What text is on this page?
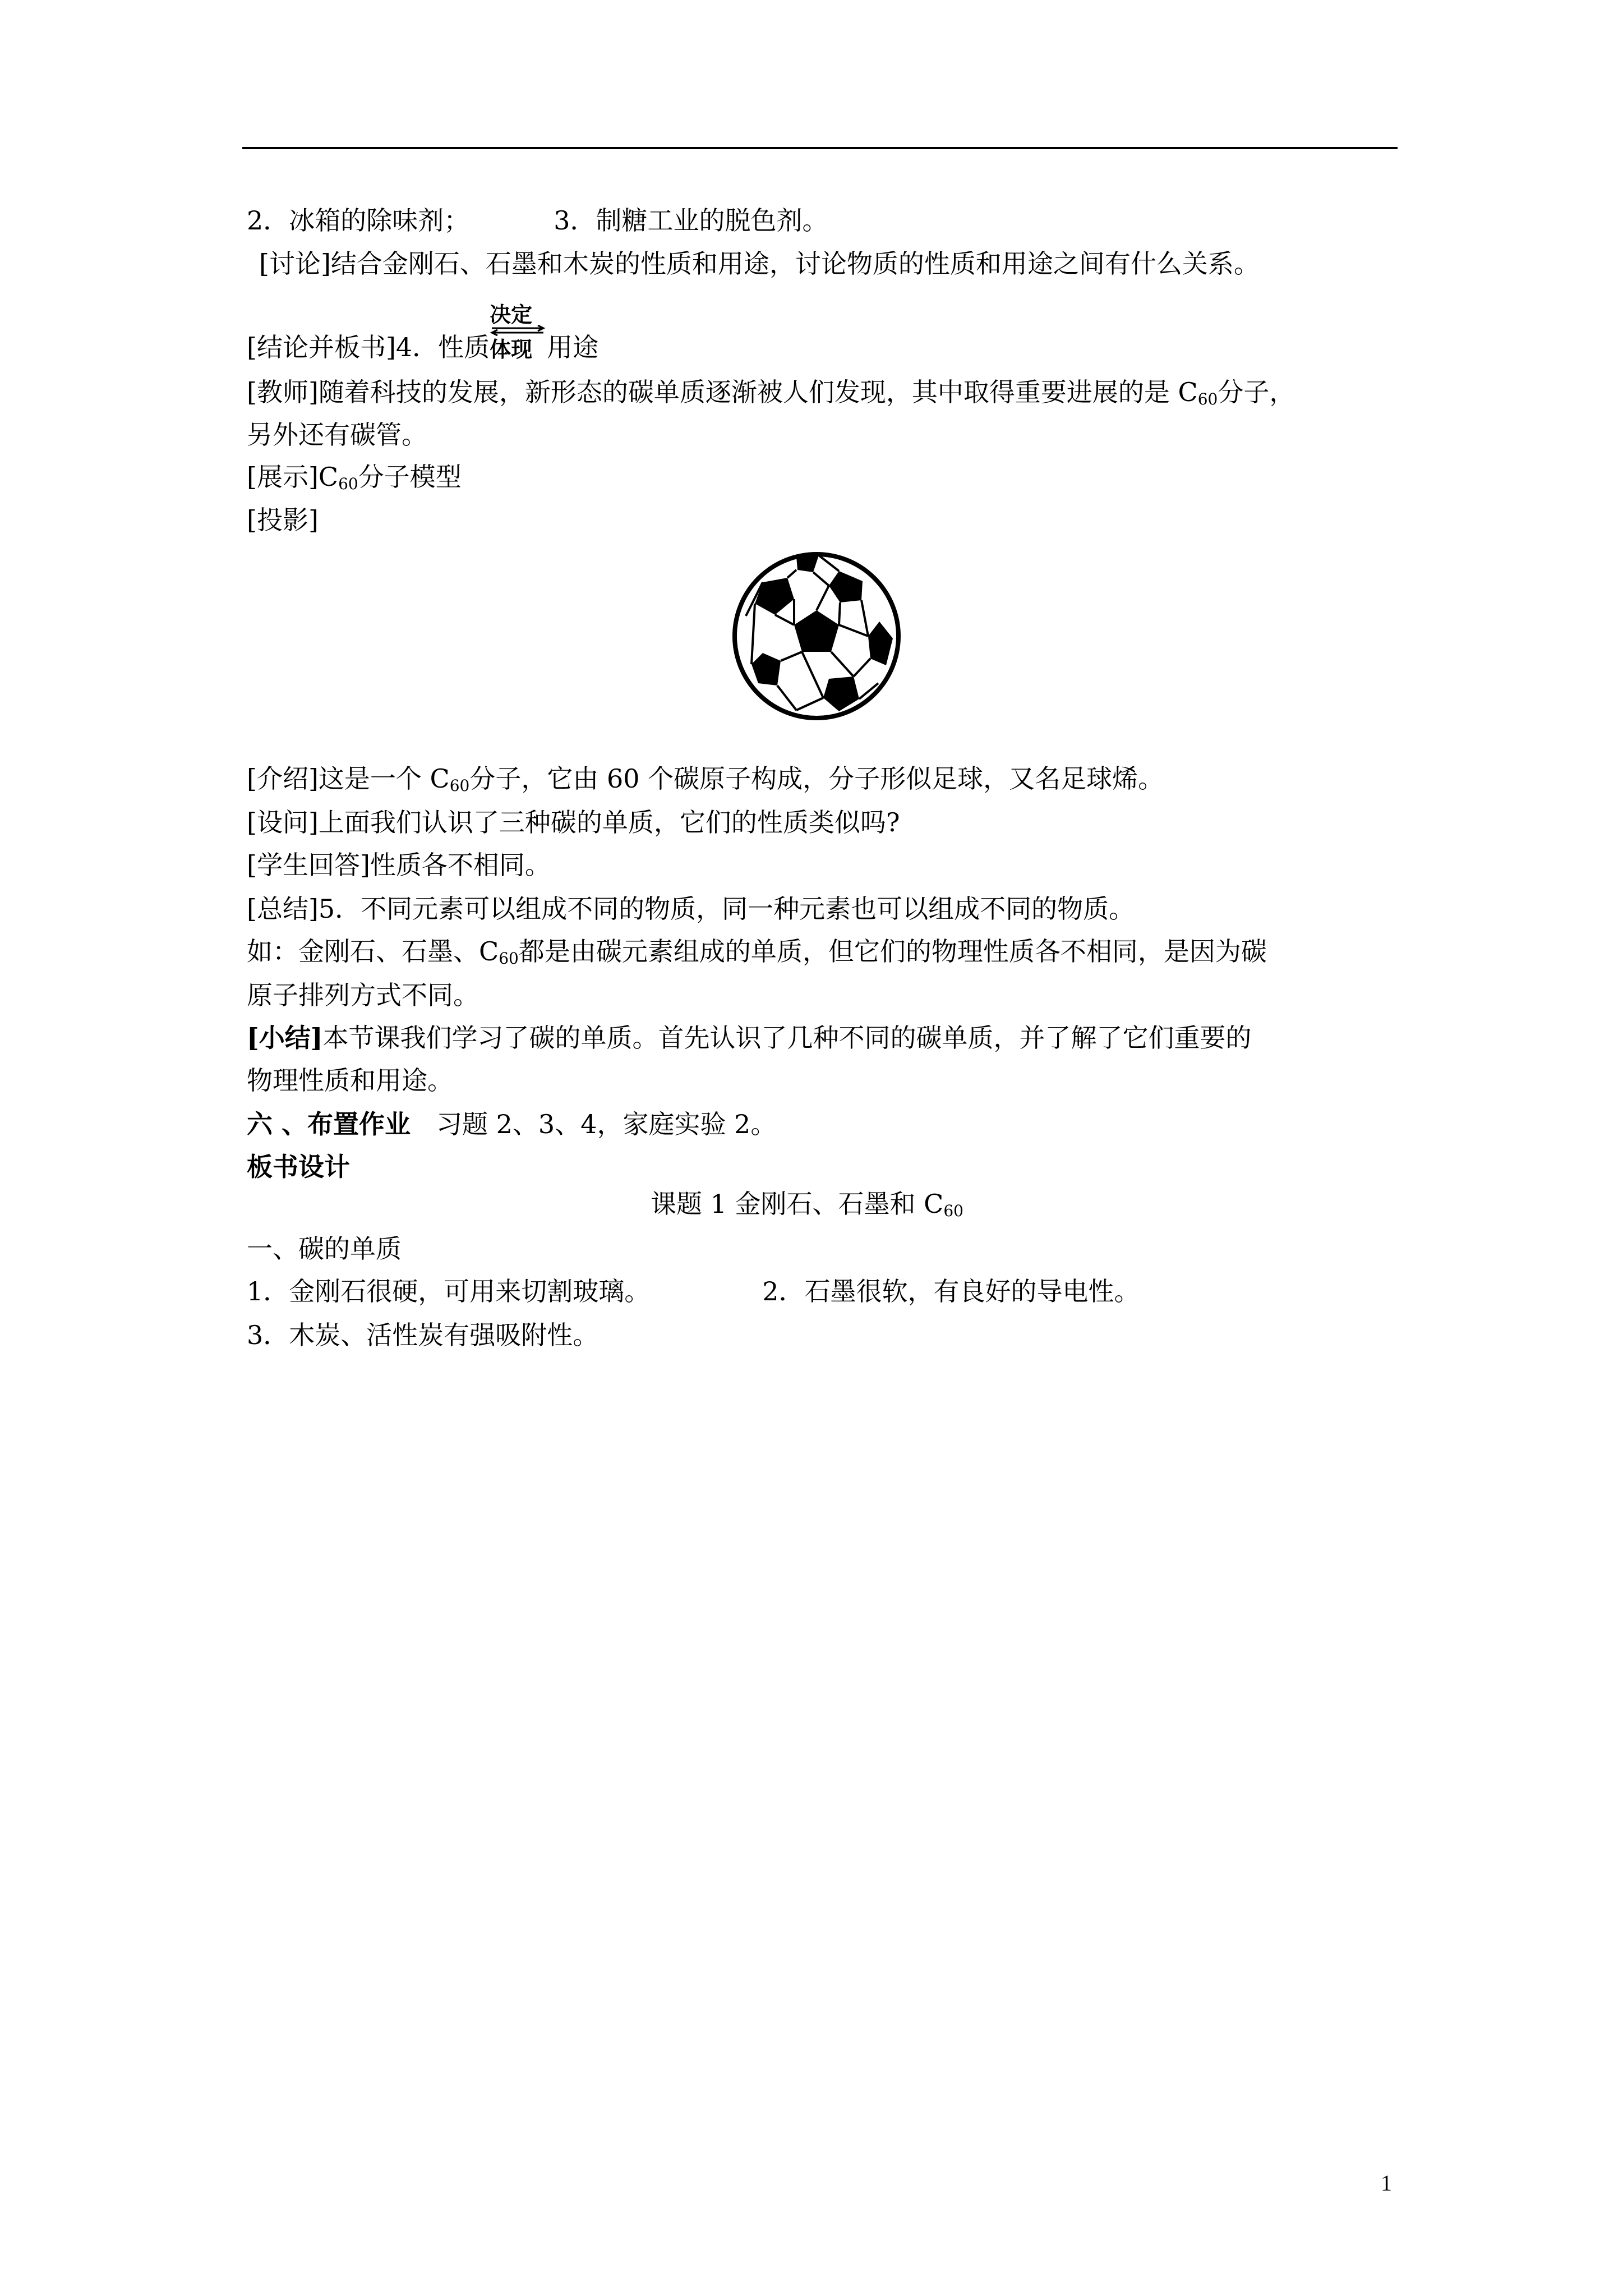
2．冰箱的除味剂；	3．制糖工业的脱色剂。
[讨论]结合金刚石、石墨和木炭的性质和用途，讨论物质的性质和用途之间有什么关系。
[结论并板书]4．性质
决定
体现 用途
[教师]随着科技的发展，新形态的碳单质逐渐被人们发现，其中取得重要进展的是 $C_{60}$分子，
另外还有碳管。
[展示]$C_{60}$分子模型
[投影]
[介绍]这是一个 $C_{60}$分子，它由 60 个碳原子构成，分子形似足球，又名足球烯。
[设问]上面我们认识了三种碳的单质，它们的性质类似吗?
[学生回答]性质各不相同。
[总结]5．不同元素可以组成不同的物质，同一种元素也可以组成不同的物质。
如：金刚石、石墨、$C_{60}$都是由碳元素组成的单质，但它们的物理性质各不相同，是因为碳
原子排列方式不同。
[小结]本节课我们学习了碳的单质。首先认识了几种不同的碳单质，并了解了它们重要的
物理性质和用途。
六 、布置作业 习题 2、3、4，家庭实验 2。
板书设计
课题 1 金刚石、石墨和 $C_{60}$
一、碳的单质
1．金刚石很硬，可用来切割玻璃。	2．石墨很软，有良好的导电性。
3．木炭、活性炭有强吸附性。
1
